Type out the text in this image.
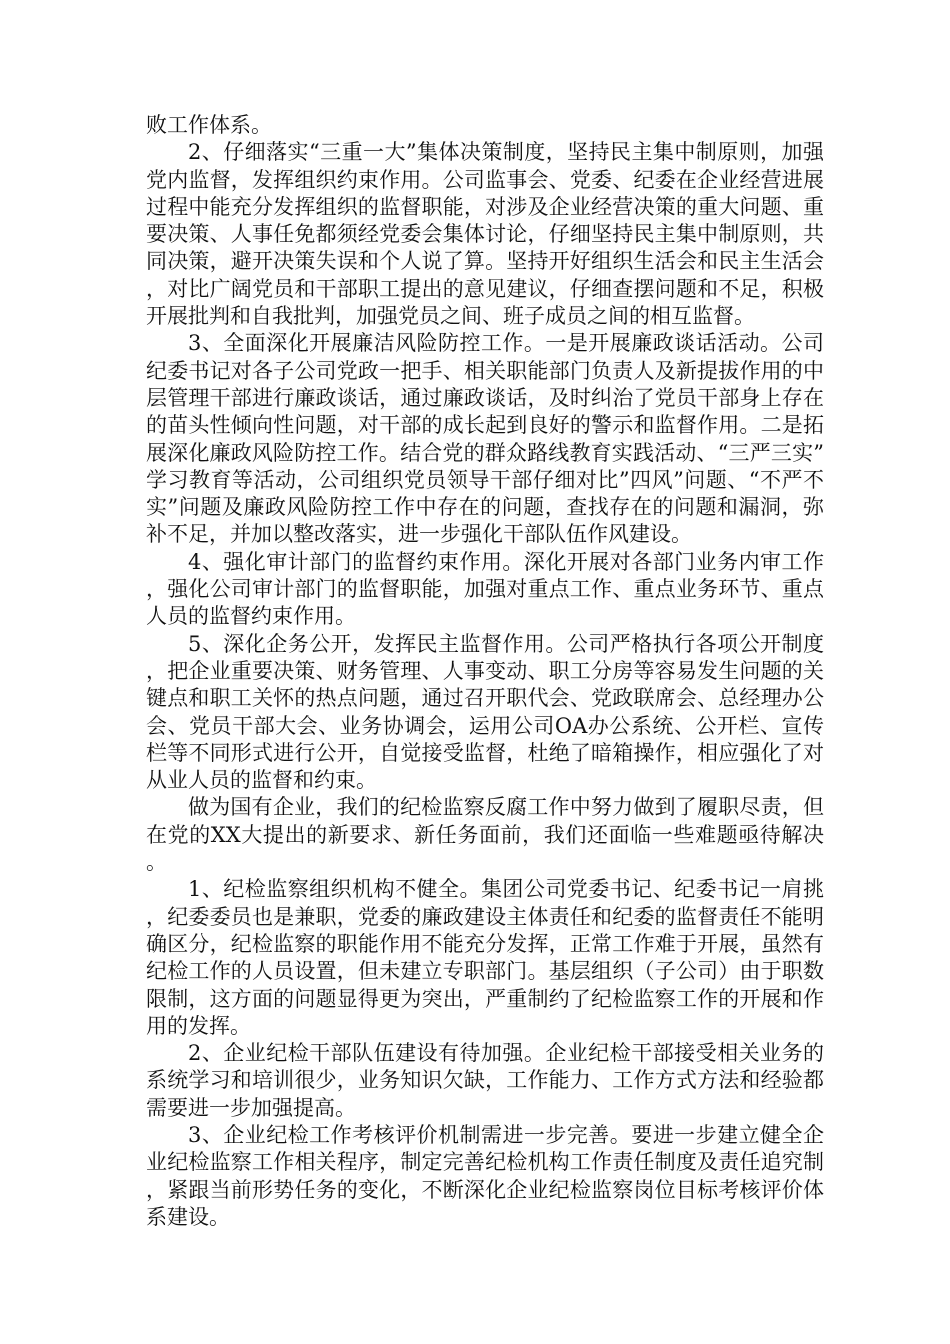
败工作体系。

2、仔细落实“三重一大”集体决策制度，坚持民主集中制原则，加强党内监督，发挥组织约束作用。公司监事会、党委、纪委在企业经营进展过程中能充分发挥组织的监督职能，对涉及企业经营决策的重大问题、重要决策、人事任免都须经党委会集体讨论，仔细坚持民主集中制原则，共同决策，避开决策失误和个人说了算。坚持开好组织生活会和民主生活会，对比广阔党员和干部职工提出的意见建议，仔细查摆问题和不足，积极开展批判和自我批判，加强党员之间、班子成员之间的相互监督。

3、全面深化开展廉洁风险防控工作。一是开展廉政谈话活动。公司纪委书记对各子公司党政一把手、相关职能部门负责人及新提拔作用的中层管理干部进行廉政谈话，通过廉政谈话，及时纠治了党员干部身上存在的苗头性倾向性问题，对干部的成长起到良好的警示和监督作用。二是拓展深化廉政风险防控工作。结合党的群众路线教育实践活动、“三严三实”学习教育等活动，公司组织党员领导干部仔细对比”四风”问题、“不严不实”问题及廉政风险防控工作中存在的问题，查找存在的问题和漏洞，弥补不足，并加以整改落实，进一步强化干部队伍作风建设。

4、强化审计部门的监督约束作用。深化开展对各部门业务内审工作，强化公司审计部门的监督职能，加强对重点工作、重点业务环节、重点人员的监督约束作用。

5、深化企务公开，发挥民主监督作用。公司严格执行各项公开制度，把企业重要决策、财务管理、人事变动、职工分房等容易发生问题的关键点和职工关怀的热点问题，通过召开职代会、党政联席会、总经理办公会、党员干部大会、业务协调会，运用公司OA办公系统、公开栏、宣传栏等不同形式进行公开，自觉接受监督，杜绝了暗箱操作，相应强化了对从业人员的监督和约束。

做为国有企业，我们的纪检监察反腐工作中努力做到了履职尽责，但在党的XX大提出的新要求、新任务面前，我们还面临一些难题亟待解决。

1、纪检监察组织机构不健全。集团公司党委书记、纪委书记一肩挑，纪委委员也是兼职，党委的廉政建设主体责任和纪委的监督责任不能明确区分，纪检监察的职能作用不能充分发挥，正常工作难于开展，虽然有纪检工作的人员设置，但未建立专职部门。基层组织（子公司）由于职数限制，这方面的问题显得更为突出，严重制约了纪检监察工作的开展和作用的发挥。

2、企业纪检干部队伍建设有待加强。企业纪检干部接受相关业务的系统学习和培训很少，业务知识欠缺，工作能力、工作方式方法和经验都需要进一步加强提高。

3、企业纪检工作考核评价机制需进一步完善。要进一步建立健全企业纪检监察工作相关程序，制定完善纪检机构工作责任制度及责任追究制，紧跟当前形势任务的变化，不断深化企业纪检监察岗位目标考核评价体系建设。
